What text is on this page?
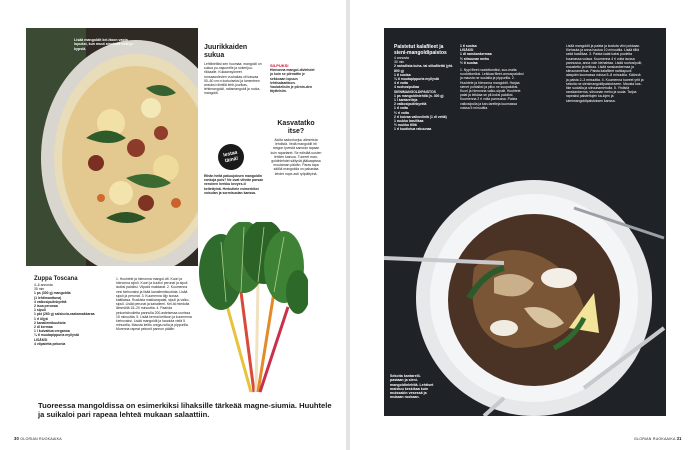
Lisää mangoldit kei-ttoon vasta lopuksi, kun muut ainekset ovat jo kypsiä.	Juurikkaiden sukua
Lehtibietiksi sen huomaa: mangoldi on sukua pu-najuurelle ja sokerijuu-rikkaalle. Kukaansyöneet runsaasolevien vuokakas-vit kasvaa 50–60 cm:n korkuiseksi ja lomenteen ansoksi niimillä lehti-juurikas, lehtimangoldi, raitamangoldi ja ruoka-mangoldi.
SILPUKSI
Hienonna mangol-divlehdet jo kuin se piirnattin je sekkoaan lopuun lehtisalaatticon. Vaolakrlisiin je piirnin-den täyttelsiin.
Kasvatatko itse?
Aloita sadonkorjuu alimmista lehdistä. Vedä mangoldit irti rangon tyvestä samoan tapaan kuin rapartaret. Se edistää uusien lehtien kasvua. Tuoreet man-goldinlehdet säilyvät jääkaapissa muutaman päivän. Paras tapa säilöä mangoldia on pakastaa lehdet nope-asti ryöpättyinä.
Iestaa tämä!
Ethän heitä pakuujoksen mangoldin ronkoja pois? Ne ovat viheän parsan veroinen herkku kevyes-ti keitettyinä. Herkuttele esimerkiksi voisulan ja sormisuolan kanssa.
Zuppa Toscana
4–6 annosta
35 min
1 ps (300 g) mangoldia
(1 lehtimanttuna)
4 valkosipulinkynttä
2 isoa perunaa
1 sipuli
1 pkt (260 g) salsiccia-raakamakkaraa
1 rl öljyä
2 kanaliemikuutiota
2 dl kermaa
1 l kuivattua oreganoa
¼ tl muutapippuria myllystä
LISÄKSI
4 viipaletta pekonia
1. Huuhtele ja hienonna mangol-dit. Kuori ja hienonna sipuli. Kuori ja kuutioi perunat ja sipuli isoiksi paloiksi. Viipaloi makkarat. 2. Kuumenna vesi kiehuvaksi ja lisää kanaliemikuutiota. Lisää sipuli ja perunat. 3. Kuumenna öljy isossa kattilassa. Ruskista makkarapalat, sipuli ja valko-sipuli. Lisää perunat ja kanaliemi. Kei-tä miedolla lämmöllä 15–20 minuuttia. 4. Paahda pekonisiivuiletta pannulla 200-asteisessa uunissa 15 minuuttia. 5. Lisää kerma keittoon ja kuumenna kiehuvaksi. Lisää mangoldit ja hauduta vielä 5 minuuttia. Mausta keitto orega-nolla ja pippurilla. Murenna rapeat pekonit pannun päälle.
Tuoreessa mangoldissa on esimerkiksi lihaksille tärkeää magne-siumia. Huuhtele ja suikaloi pari rapeaa lehteä mukaan salaattiin.
30 GLORIAN RUOKAAIKA
Sekoita kantarelli-pastaan ja sieni-mangoldinlehtiä. Lehtiset maistuu keskikaa kuin muissakin vesessä ja mukaan ruokaan.
Paistetut kalafileet ja sieni-mangoldipaistos
4 annosta
30 min
2 nahallista kuha- tai siikafilettä (yht. 800 g)
1 tl suolaa
¼ tl muutapippuria myllystä
4 rl voita
4 ruohosipuliaa
SIENIMANGOLDIPAISTOS
1 ps mangoldinlehtiä (n. 300 g)
1 l kantarelleja
2 valkosipulinkynttä
1 rl voita
½ rl voita
2 rl kuivaa valkoviiniä (1 dl vettä)
1 ruukku basilikaa
½ ruukku tilliä
1 rl kuutiotua rakuunaa
1 tl suolaa
LISÄKSI
1 dl ranskankermaa
½ sitruunan mehu
½ tl suolaa
1. Nypi fileet ruodottomiksi, suo-maita ruodottomiksi. Leikkaa fileet-annospaloiksi ja mausta ne suolalla ja pippurilla. 2. Huuhtele ja hienonna mangoldit. Harjaa sienet puhtaiksi ja pilko ne suupaloiksi. Kuori ja hienonna valko-sipulit. Huuhtele palat ja leikkaa se pil-koksi paloiksi. Kuumenna 2 rl voita pannussa. Paista valkosipulia ja kan-tarelleja kuumassa voissa 5 minuuttia.
Lisää mangoldit ja paista ja kostuta viini pokkaan. Kiehauta ja anna hautua 10 minuuttia. Lisää tilliä sekä basilikaa. 3. Paista kalat kaksi puolelta kuumassa voissa. Kuumenna 4 rl voita isossa pannussa, anna voin kiehahtaa. Lisää ruohosipulit, maustettu ja leikkaa. Lisää ranskankermaa ja sitruunamehua. Paista kalafileet nahkapuoli alaspäin kuumassa voissa 5–8 minuuttia. Käännä ja paista 2–3 minuuttia. 4. Kuumenna tuoreet yrtit ja sekoita ne sienimangoldipaistokseen. Mausta kas-tike suolalla ja sitruunamehulla. 5. Yhdistä ranskankerma, sitruunan mehu ja suola. Tarjoa rapeaksi paistettujen ka-lojen ja sienimangoldipaistoksen kanssa.
GLORIAN RUOKAAIKA 31
